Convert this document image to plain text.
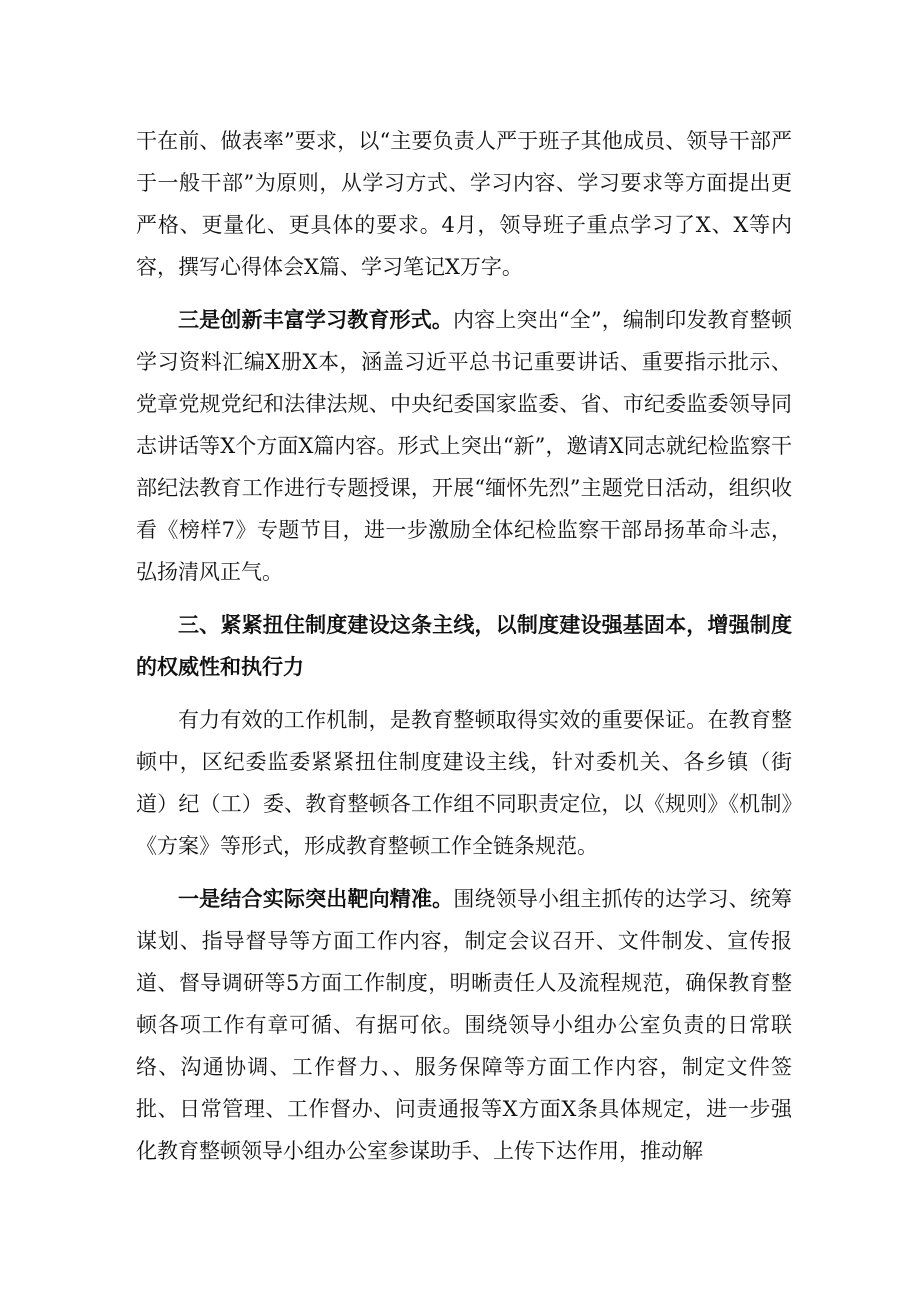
干在前、做表率”要求，以“主要负责人严于班子其他成员、领导干部严于一般干部”为原则，从学习方式、学习内容、学习要求等方面提出更严格、更量化、更具体的要求。4月，领导班子重点学习了X、X等内容，撰写心得体会X篇、学习笔记X万字。

三是创新丰富学习教育形式。内容上突出“全”，编制印发教育整顿学习资料汇编X册X本，涵盖习近平总书记重要讲话、重要指示批示、党章党规党纪和法律法规、中央纪委国家监委、省、市纪委监委领导同志讲话等X个方面X篇内容。形式上突出“新”，邀请X同志就纪检监察干部纪法教育工作进行专题授课，开展“缅怀先烈”主题党日活动，组织收看《榜样7》专题节目，进一步激励全体纪检监察干部昂扬革命斗志，弘扬清风正气。

三、紧紧扭住制度建设这条主线，以制度建设强基固本，增强制度的权威性和执行力

有力有效的工作机制，是教育整顿取得实效的重要保证。在教育整顿中，区纪委监委紧紧扭住制度建设主线，针对委机关、各乡镇（街道）纪（工）委、教育整顿各工作组不同职责定位，以《规则》《机制》《方案》等形式，形成教育整顿工作全链条规范。

一是结合实际突出靶向精准。围绕领导小组主抓传的达学习、统筹谋划、指导督导等方面工作内容，制定会议召开、文件制发、宣传报道、督导调研等5方面工作制度，明晰责任人及流程规范，确保教育整顿各项工作有章可循、有据可依。围绕领导小组办公室负责的日常联络、沟通协调、工作督力、、服务保障等方面工作内容，制定文件签批、日常管理、工作督办、问责通报等X方面X条具体规定，进一步强化教育整顿领导小组办公室参谋助手、上传下达作用，推动解
